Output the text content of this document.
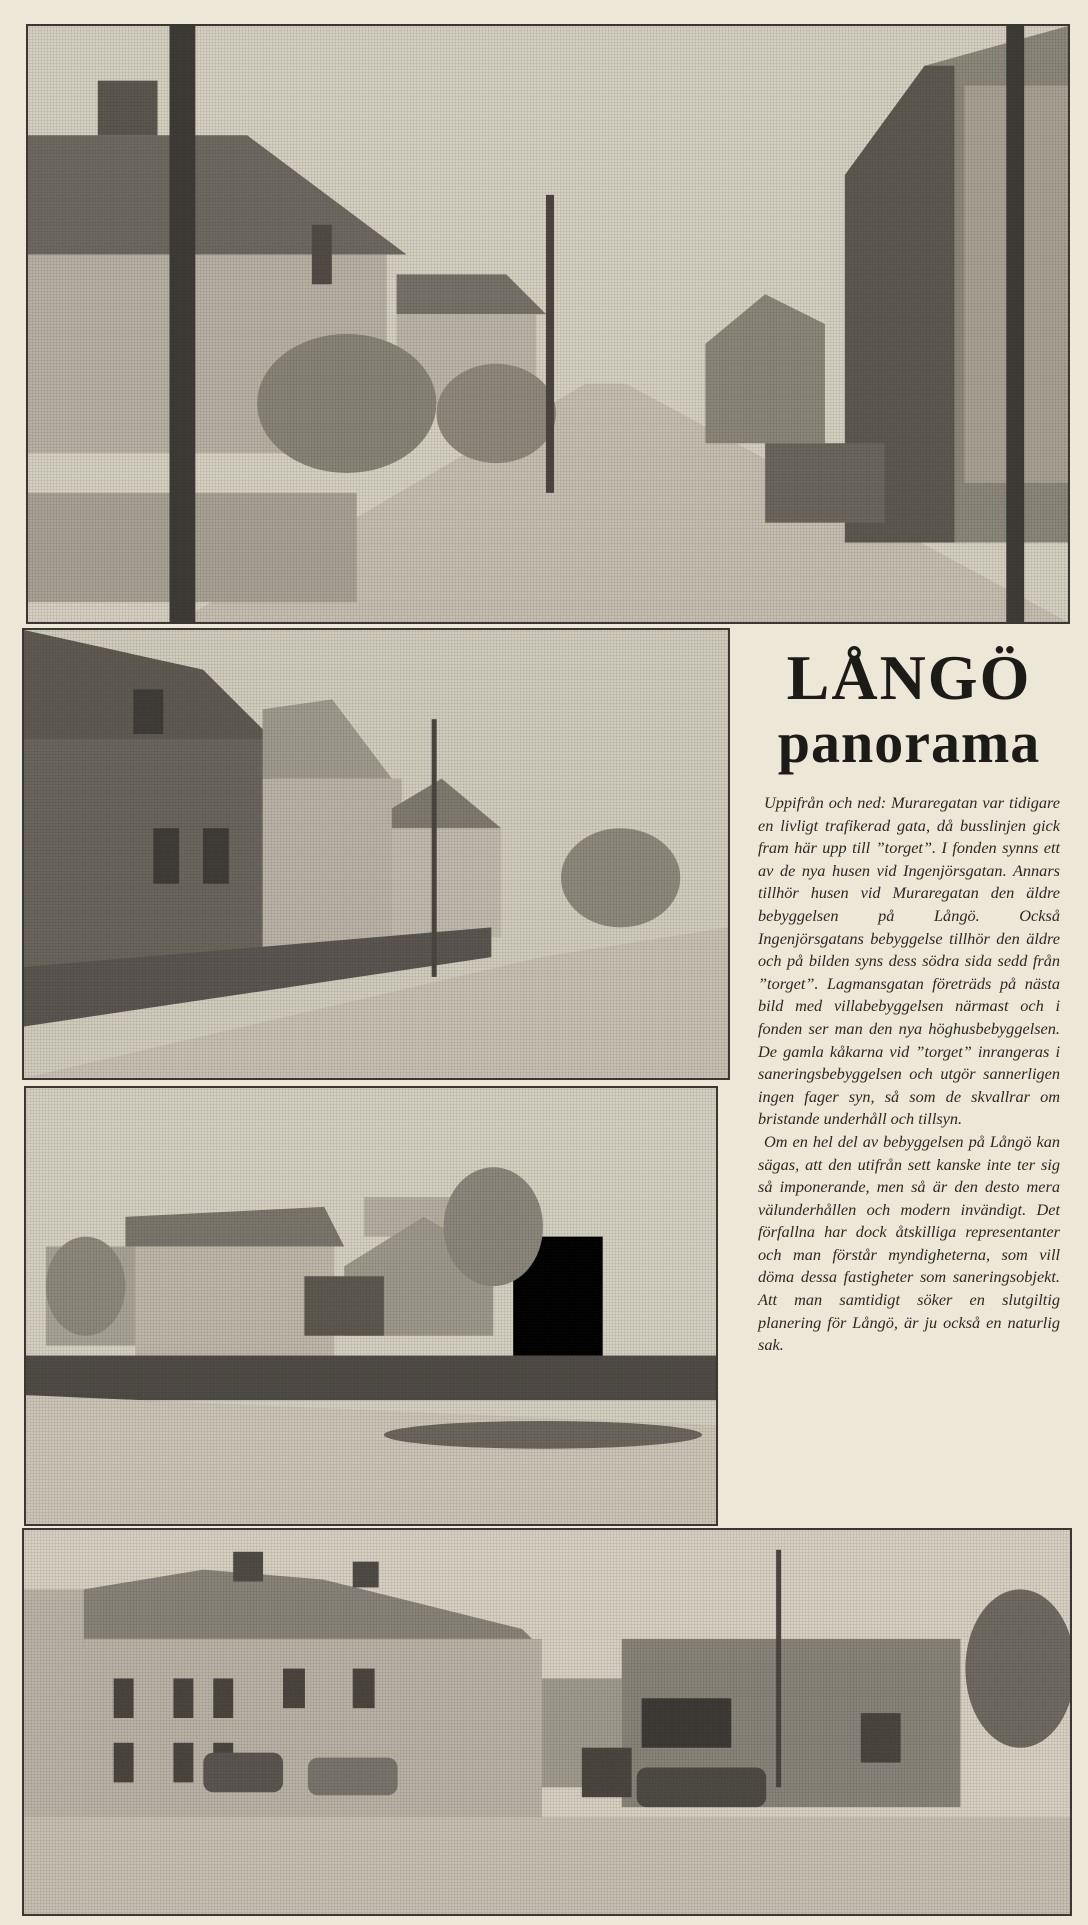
LÅNGÖ
panorama

Uppifrån och ned: Muraregatan var tidigare en livligt trafikerad gata, då busslinjen gick fram här upp till ”torget”. I fonden synns ett av de nya husen vid Ingenjörsgatan. Annars tillhör husen vid Muraregatan den äldre bebyggelsen på Långö. Också Ingenjörsgatans bebyggelse tillhör den äldre och på bilden syns dess södra sida sedd från ”torget”. Lagmansgatan företräds på nästa bild med villabebyggelsen närmast och i fonden ser man den nya höghusbebyggelsen. De gamla kåkarna vid ”torget” inrangeras i saneringsbebyggelsen och utgör sannerligen ingen fager syn, så som de skvallrar om bristande underhåll och tillsyn.

Om en hel del av bebyggelsen på Långö kan sägas, att den utifrån sett kanske inte ter sig så imponerande, men så är den desto mera välunderhållen och modern invändigt. Det förfallna har dock åtskilliga representanter och man förstår myndigheterna, som vill döma dessa fastigheter som saneringsobjekt. Att man samtidigt söker en slutgiltig planering för Långö, är ju också en naturlig sak.
